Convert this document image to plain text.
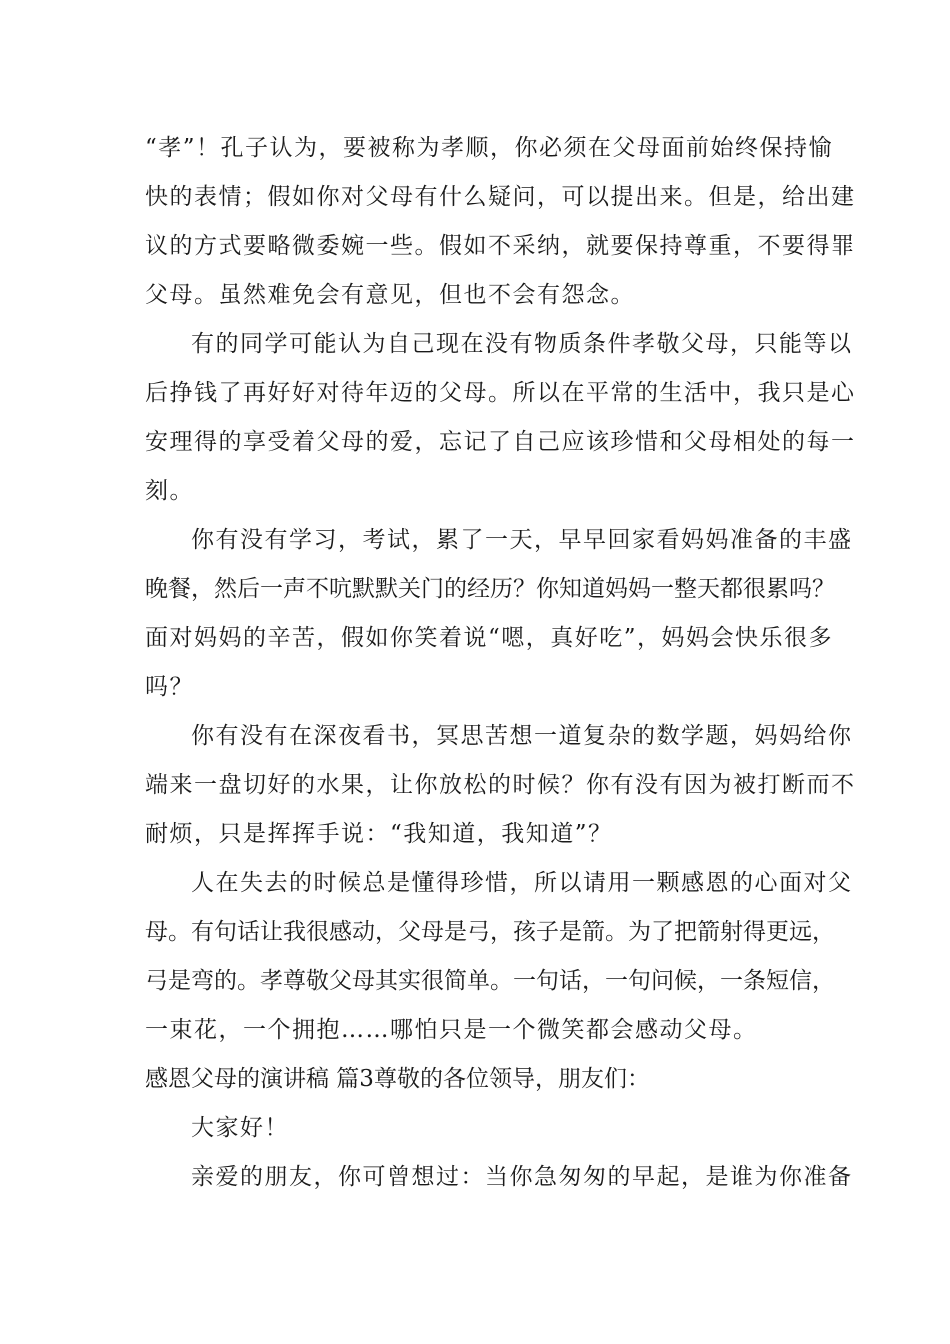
“孝”！孔子认为，要被称为孝顺，你必须在父母面前始终保持愉
快的表情；假如你对父母有什么疑问，可以提出来。但是，给出建
议的方式要略微委婉一些。假如不采纳，就要保持尊重，不要得罪
父母。虽然难免会有意见，但也不会有怨念。
有的同学可能认为自己现在没有物质条件孝敬父母，只能等以
后挣钱了再好好对待年迈的父母。所以在平常的生活中，我只是心
安理得的享受着父母的爱，忘记了自己应该珍惜和父母相处的每一
刻。
你有没有学习，考试，累了一天，早早回家看妈妈准备的丰盛
晚餐，然后一声不吭默默关门的经历？你知道妈妈一整天都很累吗？
面对妈妈的辛苦，假如你笑着说“嗯，真好吃”，妈妈会快乐很多
吗？
你有没有在深夜看书，冥思苦想一道复杂的数学题，妈妈给你
端来一盘切好的水果，让你放松的时候？你有没有因为被打断而不
耐烦，只是挥挥手说：“我知道，我知道”？
人在失去的时候总是懂得珍惜，所以请用一颗感恩的心面对父
母。有句话让我很感动，父母是弓，孩子是箭。为了把箭射得更远，
弓是弯的。孝尊敬父母其实很简单。一句话，一句问候，一条短信，
一束花，一个拥抱……哪怕只是一个微笑都会感动父母。
感恩父母的演讲稿 篇3尊敬的各位领导，朋友们：
大家好！
亲爱的朋友，你可曾想过：当你急匆匆的早起，是谁为你准备
